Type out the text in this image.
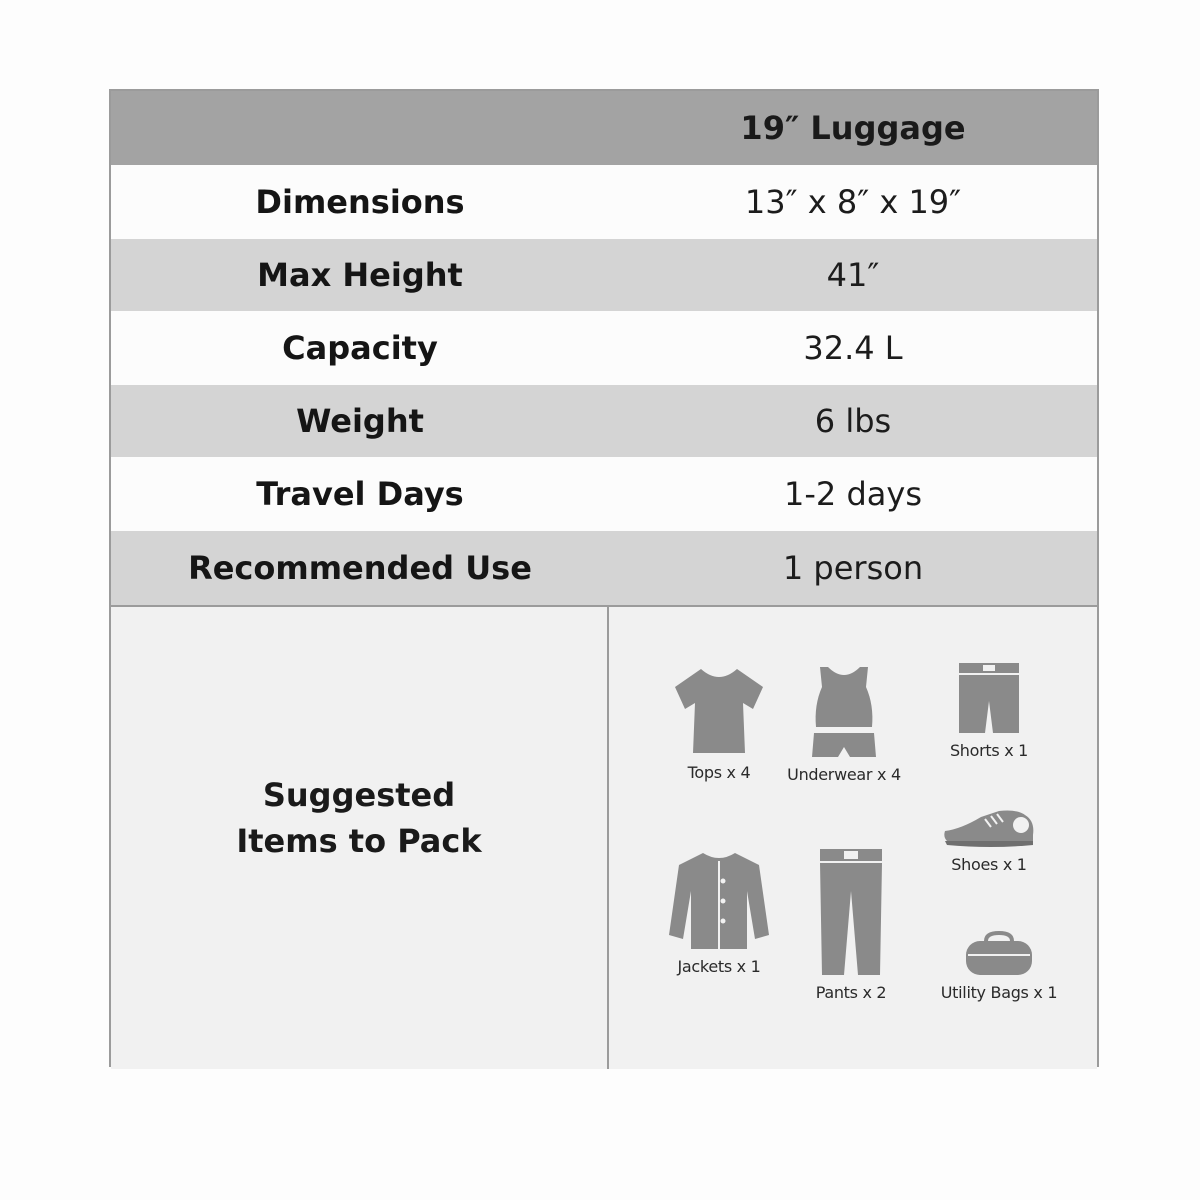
19″ Luggage
Dimensions	13″ x 8″ x 19″
Max Height	41″
Capacity	32.4 L
Weight	6 lbs
Travel Days	1-2 days
Recommended Use	1 person
Suggested
Items to Pack
Tops x 4 Underwear x 4
Shorts x 1
Shoes x 1
Jackets x 1
Pants x 2	Utility Bags x 1
